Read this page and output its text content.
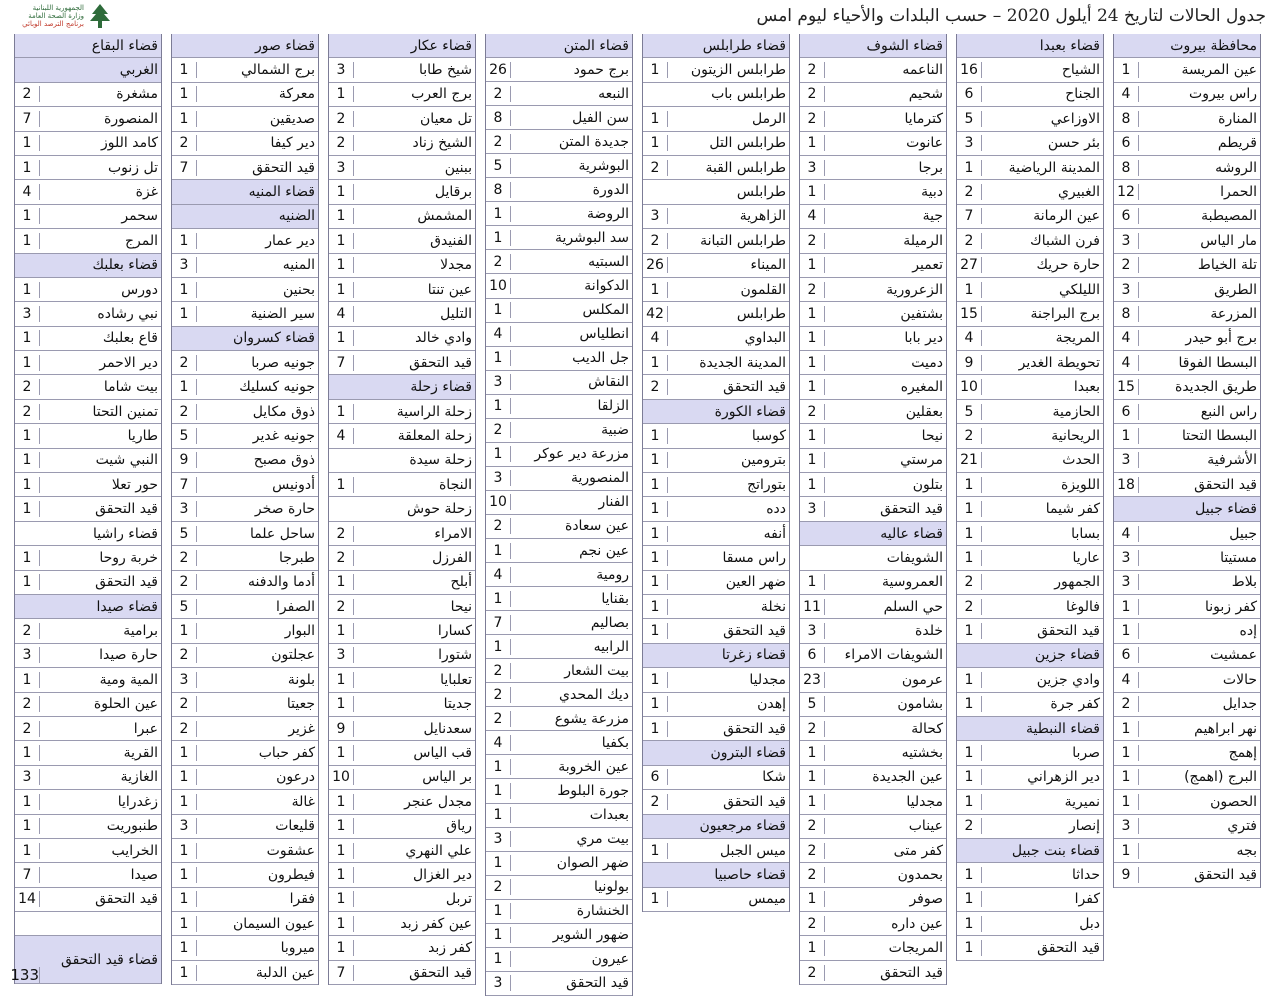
الجمهورية اللبنانية
وزارة الصحة العامة
برنامج الترصد الوبائي	جدول الحالات لتاريخ 24 أيلول 2020 – حسب البلدات والأحياء ليوم امس
محافظة بيروت
عين المريسة
1
راس بيروت
4
المنارة
8
قريطم
6
الروشه
8
الحمرا
12
المصيطبة
6
مار الياس
3
تلة الخياط
2
الطريق
3
المزرعة
8
برج أبو حيدر
4
البسطا الفوقا
4
طريق الجديدة
15
راس النبع
6
البسطا التحتا
1
الأشرفية
3
قيد التحقق
18
قضاء جبيل
جبيل
4
مستيتا
3
بلاط
3
كفر زبونا
1
إده
1
عمشيت
6
حالات
4
جدايل
2
نهر ابراهيم
1
إهمج
1
البرج (اهمج)
1
الحصون
1
فتري
3
بجه
1
قيد التحقق
9
قضاء بعبدا
الشياح
16
الجناح
6
الاوزاعي
5
بئر حسن
3
المدينة الرياضية
1
الغبيري
2
عين الرمانة
7
فرن الشباك
2
حارة حريك
27
الليلكي
1
برج البراجنة
15
المريجة
4
تحويطة الغدير
9
بعبدا
10
الحازمية
5
الريحانية
2
الحدث
21
اللويزة
1
كفر شيما
1
بسابا
1
عاريا
1
الجمهور
2
فالوغا
2
قيد التحقق
1
قضاء جزين
وادي جزين
1
كفر جرة
1
قضاء النبطية
صربا
1
دير الزهراني
1
نميرية
1
إنصار
2
قضاء بنت جبيل
حداثا
1
كفرا
1
دبل
1
قيد التحقق
1
قضاء الشوف
الناعمه
2
شحيم
2
كترمايا
2
عانوت
1
برجا
3
دبية
1
جية
4
الرميلة
2
تعمير
1
الزعرورية
2
بشتفين
1
دير بابا
1
دميت
1
المغيره
1
بعقلين
2
نيحا
1
مرستي
1
بتلون
1
قيد التحقق
3
قضاء عاليه
الشويفات
العمروسية
1
حي السلم
11
خلدة
3
الشويفات الامراء
6
عرمون
23
بشامون
5
كحالة
2
بخشتيه
1
عين الجديدة
1
مجدليا
1
عيناب
2
كفر متى
2
بحمدون
2
صوفر
1
عين داره
2
المريجات
1
قيد التحقق
2
قضاء طرابلس
طرابلس الزيتون
1
طرابلس باب
الرمل
1
طرابلس التل
1
طرابلس القبة
2
طرابلس
الزاهرية
3
طرابلس التبانة
2
الميناء
26
القلمون
1
طرابلس
42
البداوي
4
المدينة الجديدة
1
قيد التحقق
2
قضاء الكورة
كوسبا
1
بترومين
1
بتوراتج
1
دده
1
أنفه
1
راس مسقا
1
ضهر العين
1
نخلة
1
قيد التحقق
1
قضاء زغرتا
مجدليا
1
إهدن
1
قيد التحقق
1
قضاء البترون
شكا
6
قيد التحقق
2
قضاء مرجعيون
ميس الجبل
1
قضاء حاصبيا
ميمس
1
قضاء المتن
برج حمود
26
النبعه
2
سن الفيل
8
جديدة المتن
2
البوشرية
5
الدورة
8
الروضة
1
سد البوشرية
1
السبتيه
2
الدكوانة
10
المكلس
1
انطلياس
4
جل الديب
1
النقاش
3
الزلقا
1
ضبية
2
مزرعة دير عوكر
1
المنصورية
3
الفنار
10
عين سعادة
2
عين نجم
1
رومية
4
بقنايا
1
بصاليم
7
الرابيه
1
بيت الشعار
2
ديك المحدي
2
مزرعة يشوع
2
بكفيا
4
عين الخروبة
1
جورة البلوط
1
بعبدات
1
بيت مري
3
ضهر الصوان
1
بولونيا
2
الخنشارة
1
ضهور الشوير
1
عيرون
1
قيد التحقق
3
قضاء عكار
شيخ طابا
3
برج العرب
1
تل معيان
2
الشيخ زناد
2
ببنين
3
برقايل
1
المشمش
1
الفنيدق
1
مجدلا
1
عين تنتا
1
التليل
4
وادي خالد
1
قيد التحقق
7
قضاء زحلة
زحلة الراسية
1
زحلة المعلقة
4
زحلة سيدة
النجاة
1
زحلة حوش
الامراء
2
الفرزل
2
أبلح
1
نيحا
2
كسارا
1
شتورا
3
تعلبايا
1
جديتا
1
سعدنايل
9
قب الياس
1
بر الياس
10
مجدل عنجر
1
رياق
1
علي النهري
1
دير الغزال
1
تربل
1
عين كفر زبد
1
كفر زبد
1
قيد التحقق
7
قضاء صور
برج الشمالي
1
معركة
1
صديقين
1
دير كيفا
2
قيد التحقق
7
قضاء المنيه
الضنيه
دير عمار
1
المنيه
3
بحنين
1
سير الضنية
1
قضاء كسروان
جونيه صربا
2
جونيه كسليك
1
ذوق مكايل
2
جونيه غدير
5
ذوق مصبح
9
أدونيس
7
حارة صخر
3
ساحل علما
5
طبرجا
2
أدما والدفنه
2
الصفرا
5
البوار
1
عجلتون
2
بلونة
3
جعيتا
2
غزير
2
كفر حباب
1
درعون
1
غالة
1
قليعات
3
عشقوت
1
فيطرون
1
فقرا
1
عيون السيمان
1
ميروبا
1
عين الدلبة
1
قضاء البقاع
الغربي
مشغرة
2
المنصورة
7
كامد اللوز
1
تل زنوب
1
غزة
4
سحمر
1
المرج
1
قضاء بعلبك
دورس
1
نبي رشاده
3
قاع بعلبك
1
دير الاحمر
1
بيت شاما
2
تمنين التحتا
2
طاريا
1
النبي شيت
1
حور تعلا
1
قيد التحقق
1
قضاء راشيا
خربة روحا
1
قيد التحقق
1
قضاء صيدا
برامية
2
حارة صيدا
3
المية ومية
1
عين الحلوة
2
عبرا
2
القرية
1
الغازية
3
زغدرايا
1
طنبوريت
1
الخرايب
1
صيدا
7
قيد التحقق
14
قضاء قيد التحقق
133
